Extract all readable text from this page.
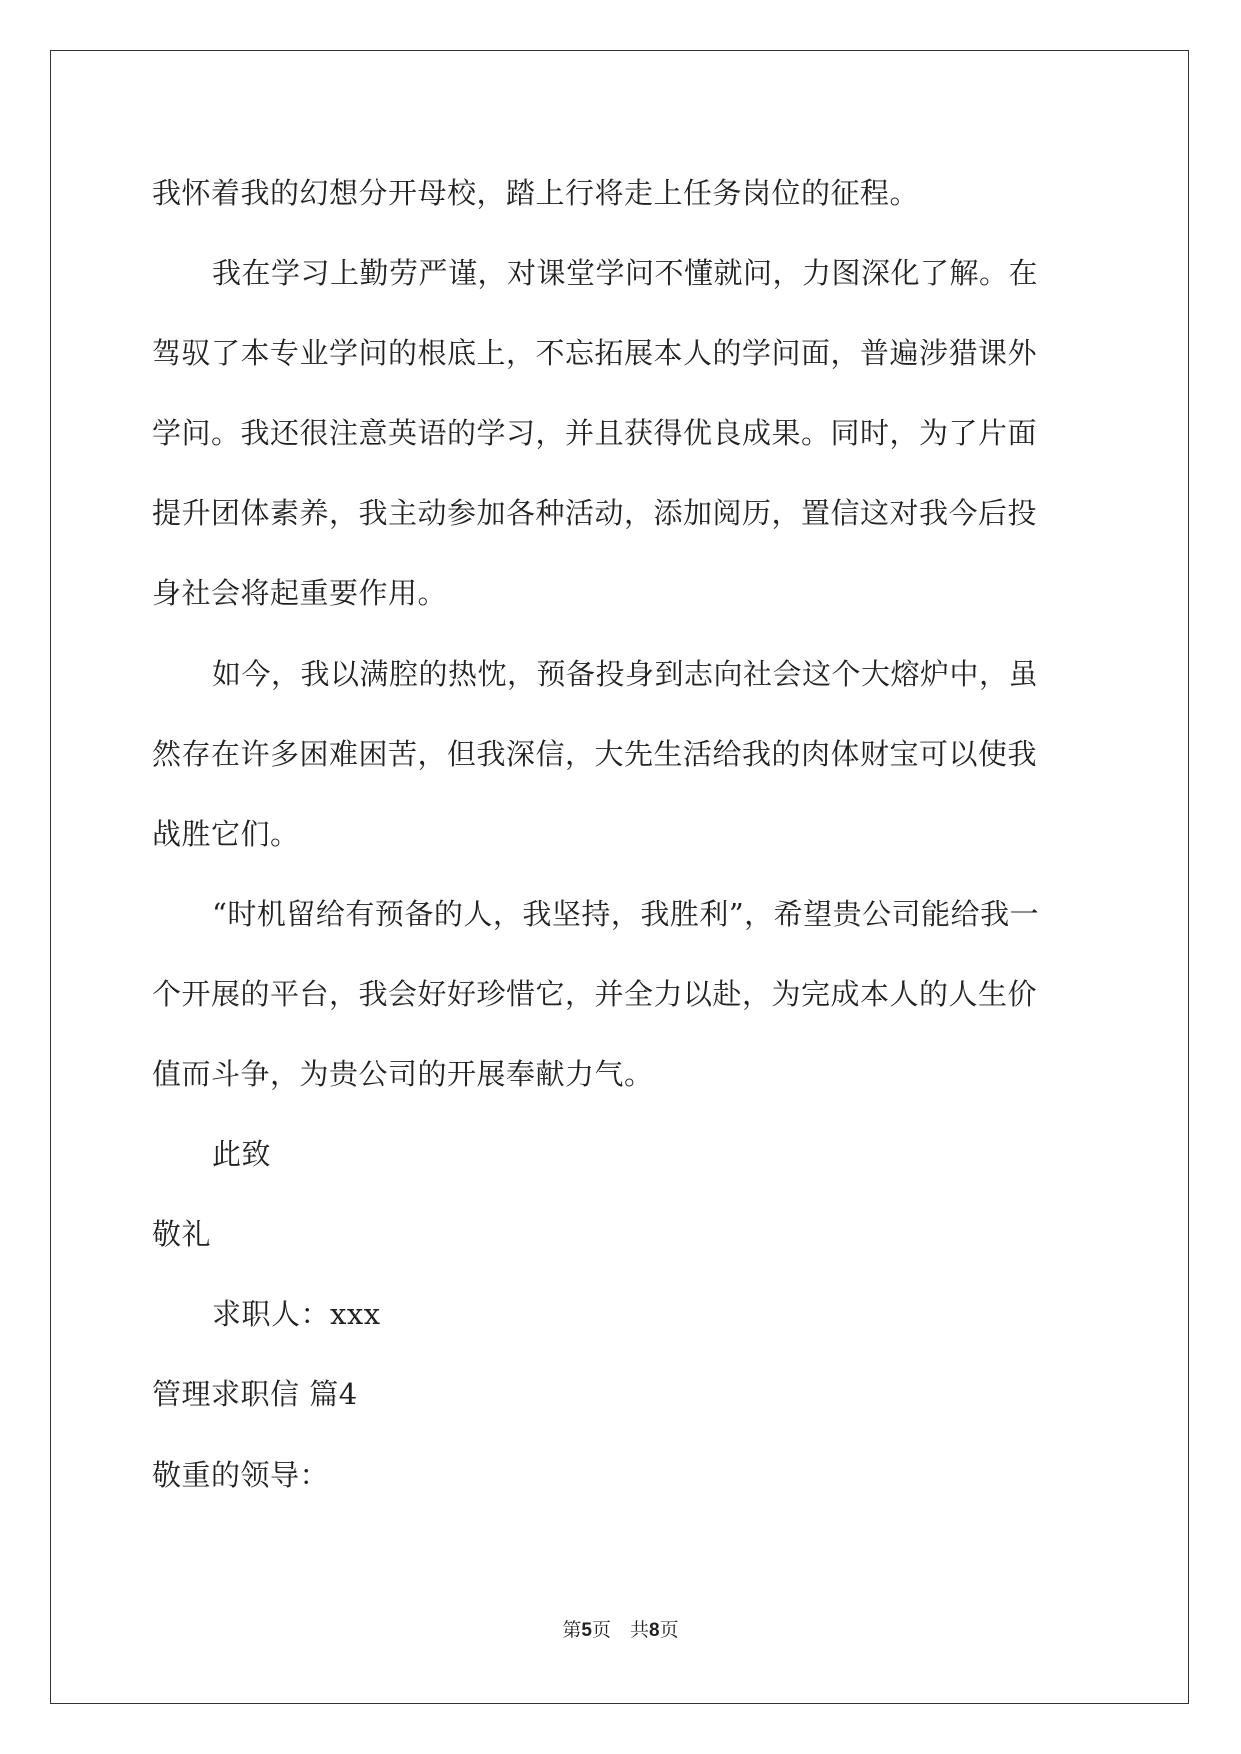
我怀着我的幻想分开母校，踏上行将走上任务岗位的征程。
我在学习上勤劳严谨，对课堂学问不懂就问，力图深化了解。在
驾驭了本专业学问的根底上，不忘拓展本人的学问面，普遍涉猎课外
学问。我还很注意英语的学习，并且获得优良成果。同时，为了片面
提升团体素养，我主动参加各种活动，添加阅历，置信这对我今后投
身社会将起重要作用。
如今，我以满腔的热忱，预备投身到志向社会这个大熔炉中，虽
然存在许多困难困苦，但我深信，大先生活给我的肉体财宝可以使我
战胜它们。
“时机留给有预备的人，我坚持，我胜利”，希望贵公司能给我一
个开展的平台，我会好好珍惜它，并全力以赴，为完成本人的人生价
值而斗争，为贵公司的开展奉献力气。
此致
敬礼
求职人：xxx
管理求职信 篇4
敬重的领导：
第5页　共8页
